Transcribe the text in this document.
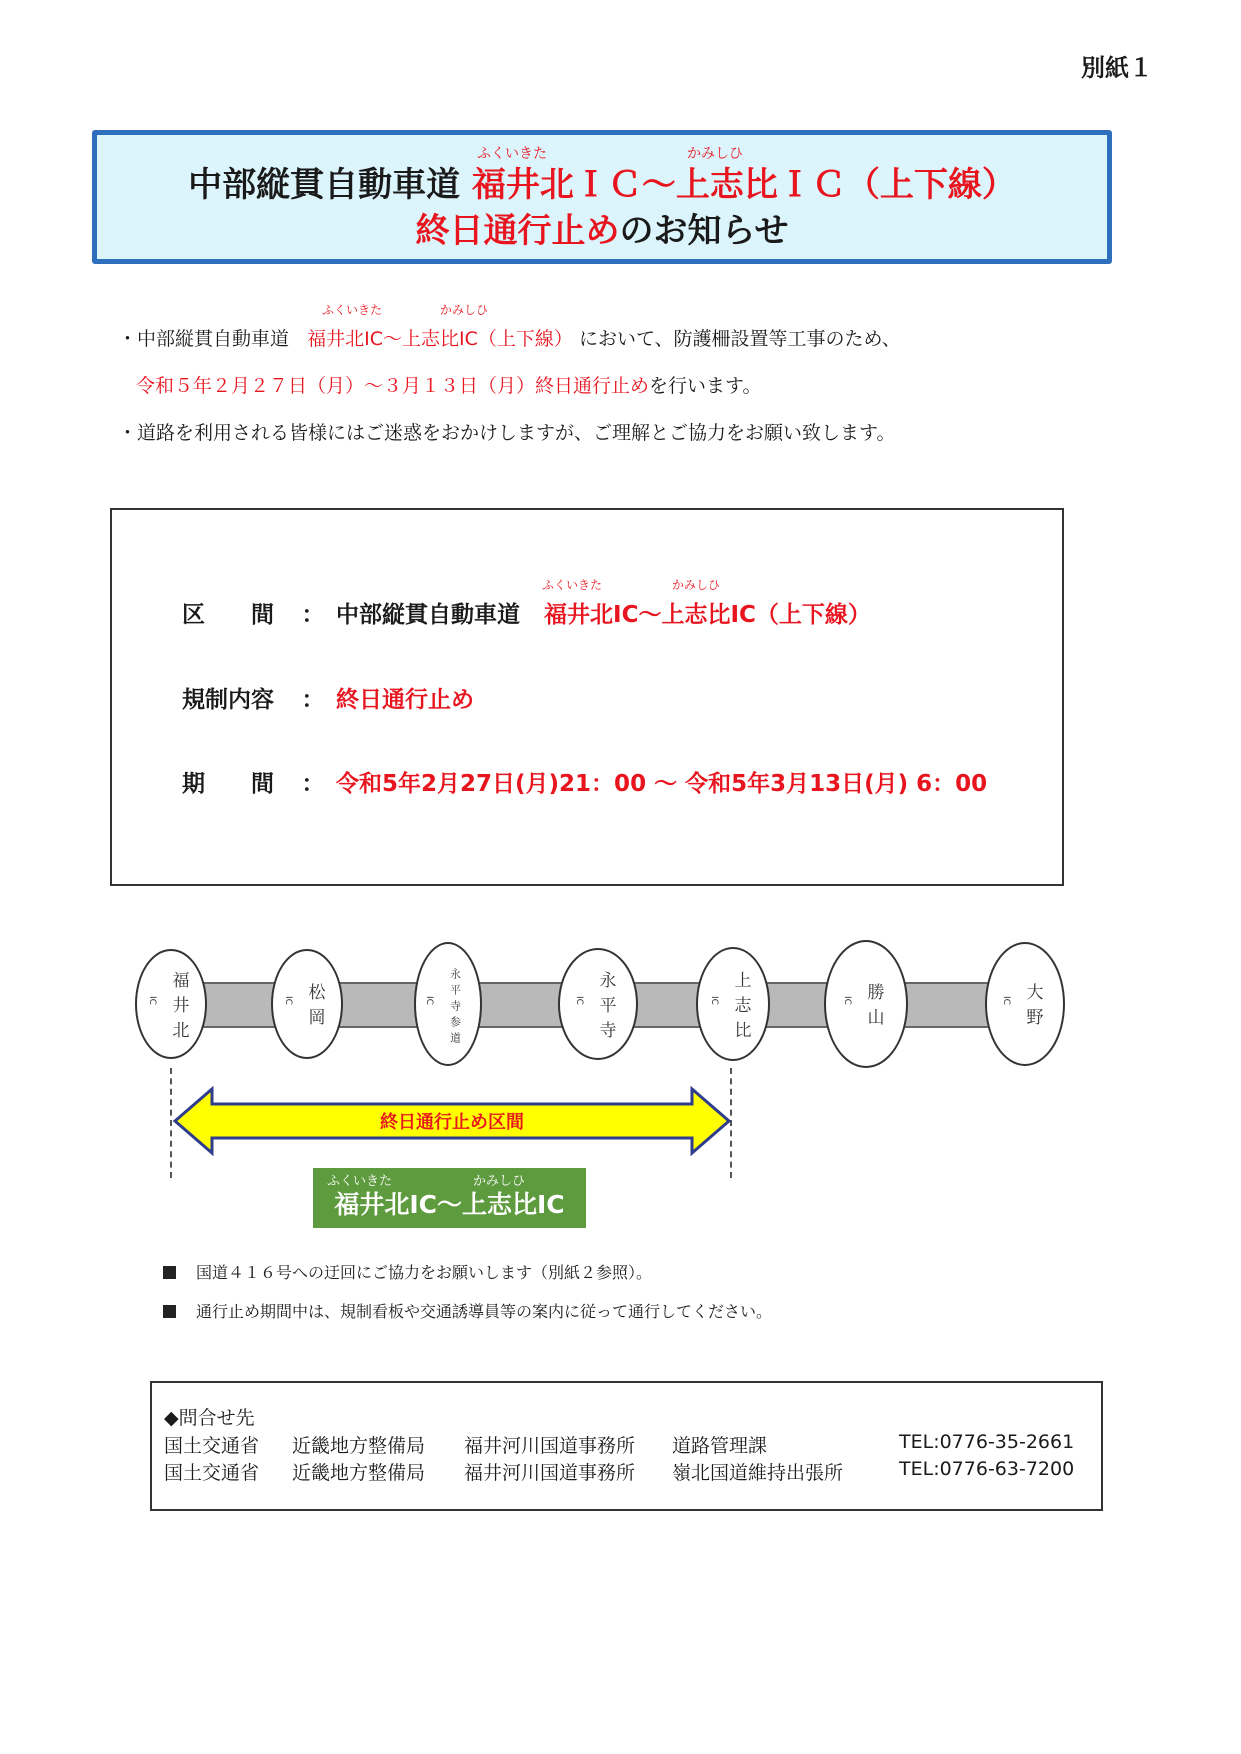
別紙１
ふくいきた	かみしひ
中部縦貫自動車道 福井北ＩＣ～上志比ＩＣ（上下線）
終日通行止めのお知らせ
ふくいきた	かみしひ
・中部縦貫自動車道 福井北IC～上志比IC（上下線） において、防護柵設置等工事のため、
令和５年２月２７日（月）～３月１３日（月）終日通行止めを行います。
・道路を利用される皆様にはご迷惑をおかけしますが、ご理解とご協力をお願い致します。
ふくいきた	かみしひ
区　　間 ： 中部縦貫自動車道 福井北IC～上志比IC（上下線）
規制内容 ： 終日通行止め
期　　間 ： 令和5年2月27日(月)21：00 ～ 令和5年3月13日(月) 6：00
IC 福井北	IC 松岡	IC 永平寺参道	IC 永平寺	IC 上志比	IC 勝山	IC 大野
終日通行止め区間
ふくいきた	かみしひ
福井北IC～上志比IC
国道４１６号への迂回にご協力をお願いします（別紙２参照）。
通行止め期間中は、規制看板や交通誘導員等の案内に従って通行してください。
◆問合せ先
国土交通省 近畿地方整備局 福井河川国道事務所 道路管理課	TEL:0776-35-2661
国土交通省 近畿地方整備局 福井河川国道事務所 嶺北国道維持出張所	TEL:0776-63-7200
